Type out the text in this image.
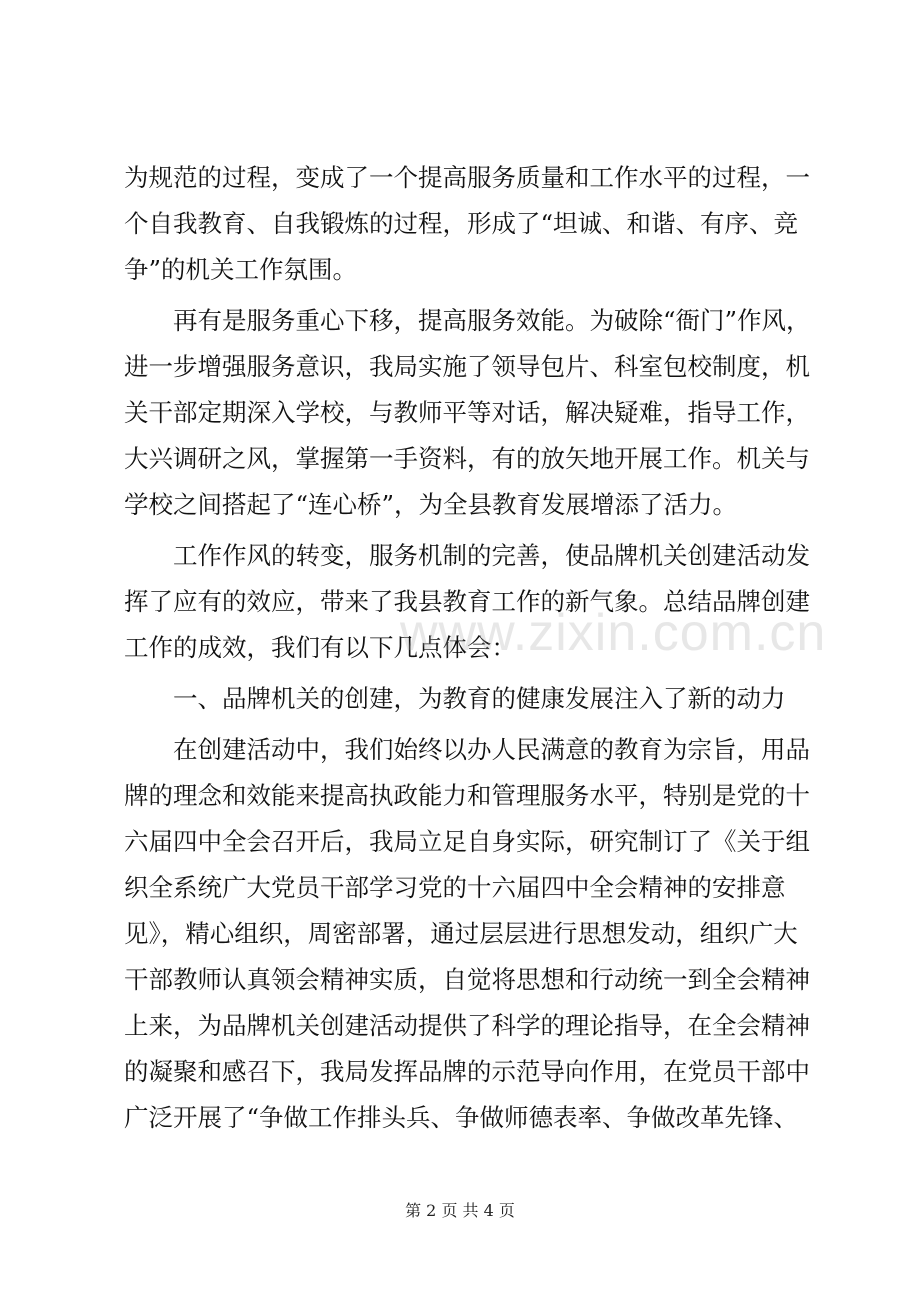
为规范的过程，变成了一个提高服务质量和工作水平的过程，一
个自我教育、自我锻炼的过程，形成了“坦诚、和谐、有序、竞
争”的机关工作氛围。
　　再有是服务重心下移，提高服务效能。为破除“衙门”作风，
进一步增强服务意识，我局实施了领导包片、科室包校制度，机
关干部定期深入学校，与教师平等对话，解决疑难，指导工作，
大兴调研之风，掌握第一手资料，有的放矢地开展工作。机关与
学校之间搭起了“连心桥”，为全县教育发展增添了活力。
　　工作作风的转变，服务机制的完善，使品牌机关创建活动发
挥了应有的效应，带来了我县教育工作的新气象。总结品牌创建
工作的成效，我们有以下几点体会：
　　一、品牌机关的创建，为教育的健康发展注入了新的动力
　　在创建活动中，我们始终以办人民满意的教育为宗旨，用品
牌的理念和效能来提高执政能力和管理服务水平，特别是党的十
六届四中全会召开后，我局立足自身实际，研究制订了《关于组
织全系统广大党员干部学习党的十六届四中全会精神的安排意
见》，精心组织，周密部署，通过层层进行思想发动，组织广大
干部教师认真领会精神实质，自觉将思想和行动统一到全会精神
上来，为品牌机关创建活动提供了科学的理论指导，在全会精神
的凝聚和感召下，我局发挥品牌的示范导向作用，在党员干部中
广泛开展了“争做工作排头兵、争做师德表率、争做改革先锋、
www.zixin.com.cn
第 2 页 共 4 页
